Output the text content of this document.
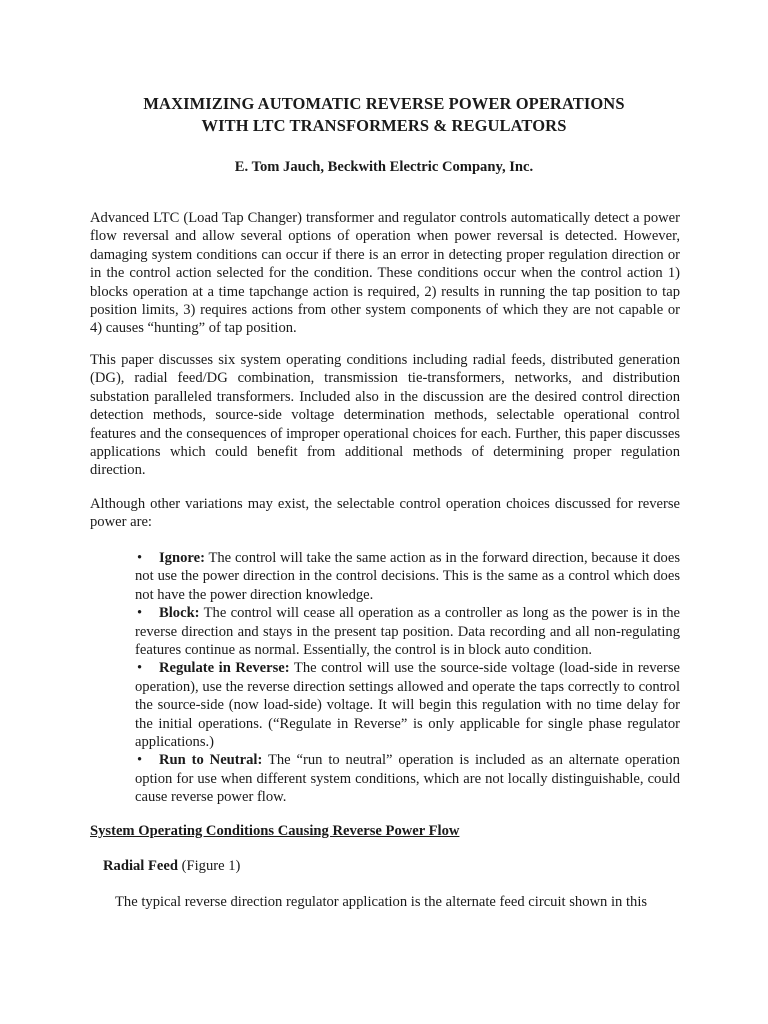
MAXIMIZING AUTOMATIC REVERSE POWER OPERATIONS
WITH LTC TRANSFORMERS & REGULATORS
E. Tom Jauch, Beckwith Electric Company, Inc.
Advanced LTC (Load Tap Changer) transformer and regulator controls automatically detect a power flow reversal and allow several options of operation when power reversal is detected. However, damaging system conditions can occur if there is an error in detecting proper regulation direction or in the control action selected for the condition. These conditions occur when the control action 1) blocks operation at a time tapchange action is required, 2) results in running the tap position to tap position limits, 3) requires actions from other system components of which they are not capable or 4) causes “hunting” of tap position.
This paper discusses six system operating conditions including radial feeds, distributed generation (DG), radial feed/DG combination, transmission tie-transformers, networks, and distribution substation paralleled transformers. Included also in the discussion are the desired control direction detection methods, source-side voltage determination methods, selectable operational control features and the consequences of improper operational choices for each. Further, this paper discusses applications which could benefit from additional methods of determining proper regulation direction.
Although other variations may exist, the selectable control operation choices discussed for reverse power are:

• Ignore: The control will take the same action as in the forward direction, because it does not use the power direction in the control decisions. This is the same as a control which does not have the power direction knowledge.

• Block: The control will cease all operation as a controller as long as the power is in the reverse direction and stays in the present tap position. Data recording and all non-regulating features continue as normal. Essentially, the control is in block auto condition.

• Regulate in Reverse: The control will use the source-side voltage (load-side in reverse operation), use the reverse direction settings allowed and operate the taps correctly to control the source-side (now load-side) voltage. It will begin this regulation with no time delay for the initial operations. (“Regulate in Reverse” is only applicable for single phase regulator applications.)

• Run to Neutral: The “run to neutral” operation is included as an alternate operation option for use when different system conditions, which are not locally distinguishable, could cause reverse power flow.

System Operating Conditions Causing Reverse Power Flow
Radial Feed (Figure 1)
The typical reverse direction regulator application is the alternate feed circuit shown in this
